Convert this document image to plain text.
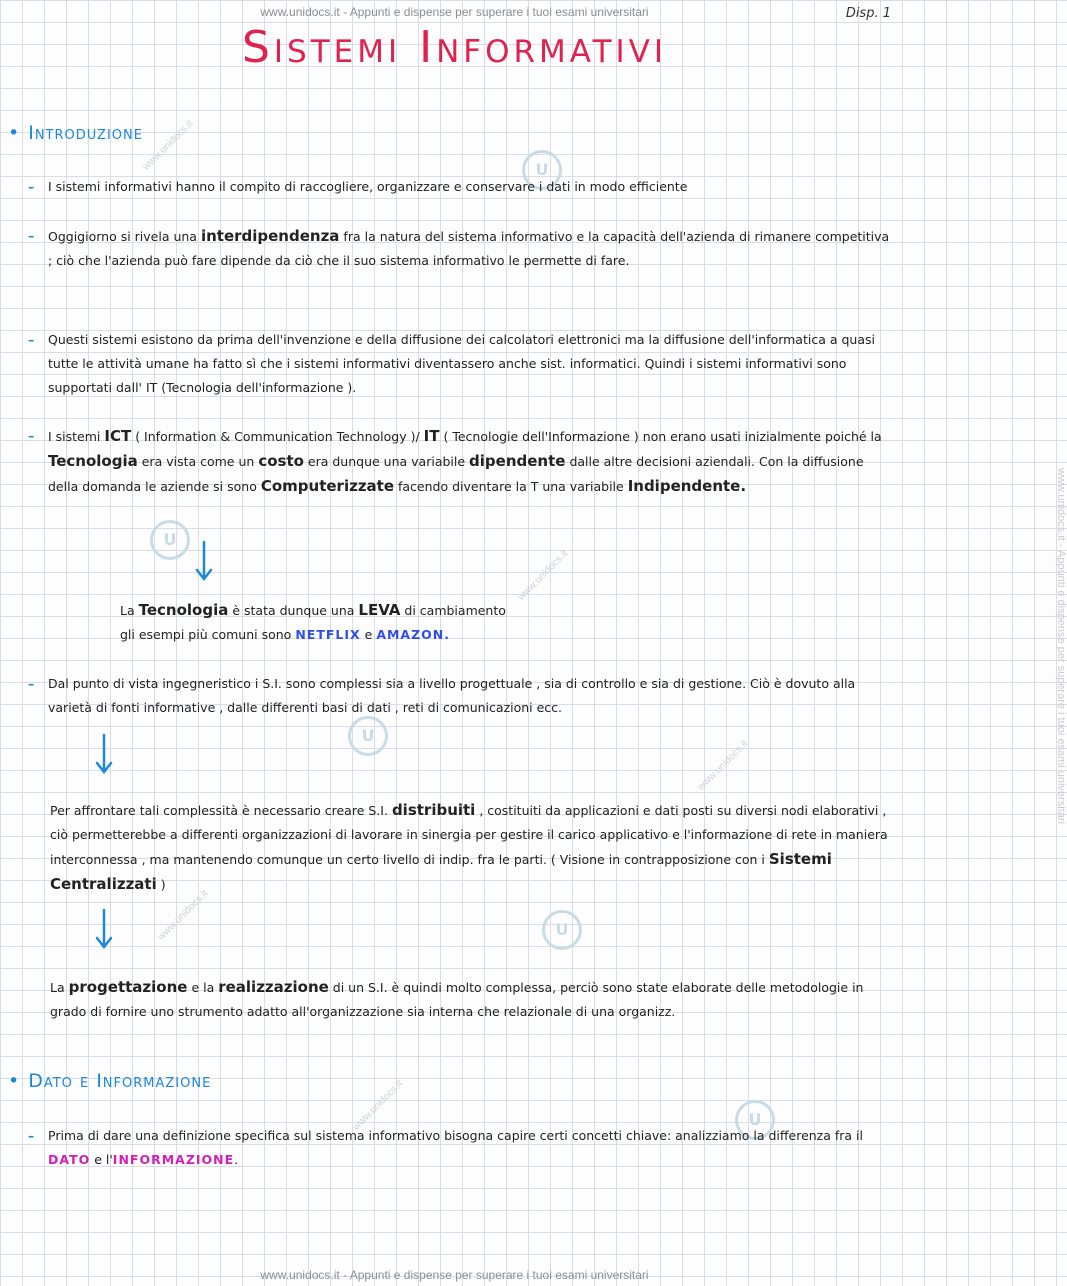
www.unidocs.it - Appunti e dispense per superare i tuoi esami universitari
www.unidocs.it - Appunti e dispense per superare i tuoi esami universitari
Disp. 1
www.unidocs.it - Appunti e dispense per superare i tuoi esami universitari
U
U
U
U
U
www.unidocs.it
www.unidocs.it
www.unidocs.it
www.unidocs.it
www.unidocs.it
Sistemi Informativi
• Introduzione
– I sistemi informativi hanno il compito di raccogliere, organizzare e conservare i dati in modo efficiente

– Oggigiorno si rivela una interdipendenza fra la natura del sistema informativo e la capacità dell'azienda di rimanere competitiva ; ciò che l'azienda può fare dipende da ciò che il suo sistema informativo le permette di fare.

– Questi sistemi esistono da prima dell'invenzione e della diffusione dei calcolatori elettronici ma la diffusione dell'informatica a quasi tutte le attività umane ha fatto sì che i sistemi informativi diventassero anche sist. informatici. Quindi i sistemi informativi sono supportati dall' IT (Tecnologia dell'informazione ).

– I sistemi ICT ( Information & Communication Technology )/ IT ( Tecnologie dell'Informazione ) non erano usati inizialmente poiché la Tecnologia era vista come un costo era dunque una variabile dipendente dalle altre decisioni aziendali. Con la diffusione della domanda le aziende si sono Computerizzate facendo diventare la T una variabile Indipendente.

La Tecnologia è stata dunque una LEVA di cambiamento
gli esempi più comuni sono NETFLIX e AMAZON.
– Dal punto di vista ingegneristico i S.I. sono complessi sia a livello progettuale , sia di controllo e sia di gestione. Ciò è dovuto alla varietà di fonti informative , dalle differenti basi di dati , reti di comunicazioni ecc.

Per affrontare tali complessità è necessario creare S.I. distribuiti , costituiti da applicazioni e dati posti su diversi nodi elaborativi , ciò permetterebbe a differenti organizzazioni di lavorare in sinergia per gestire il carico applicativo e l'informazione di rete in maniera interconnessa , ma mantenendo comunque un certo livello di indip. fra le parti. ( Visione in contrapposizione con i Sistemi Centralizzati )
La progettazione e la realizzazione di un S.I. è quindi molto complessa, perciò sono state elaborate delle metodologie in grado di fornire uno strumento adatto all'organizzazione sia interna che relazionale di una organizz.
• Dato e Informazione
– Prima di dare una definizione specifica sul sistema informativo bisogna capire certi concetti chiave: analizziamo la differenza fra il DATO e l'INFORMAZIONE.
